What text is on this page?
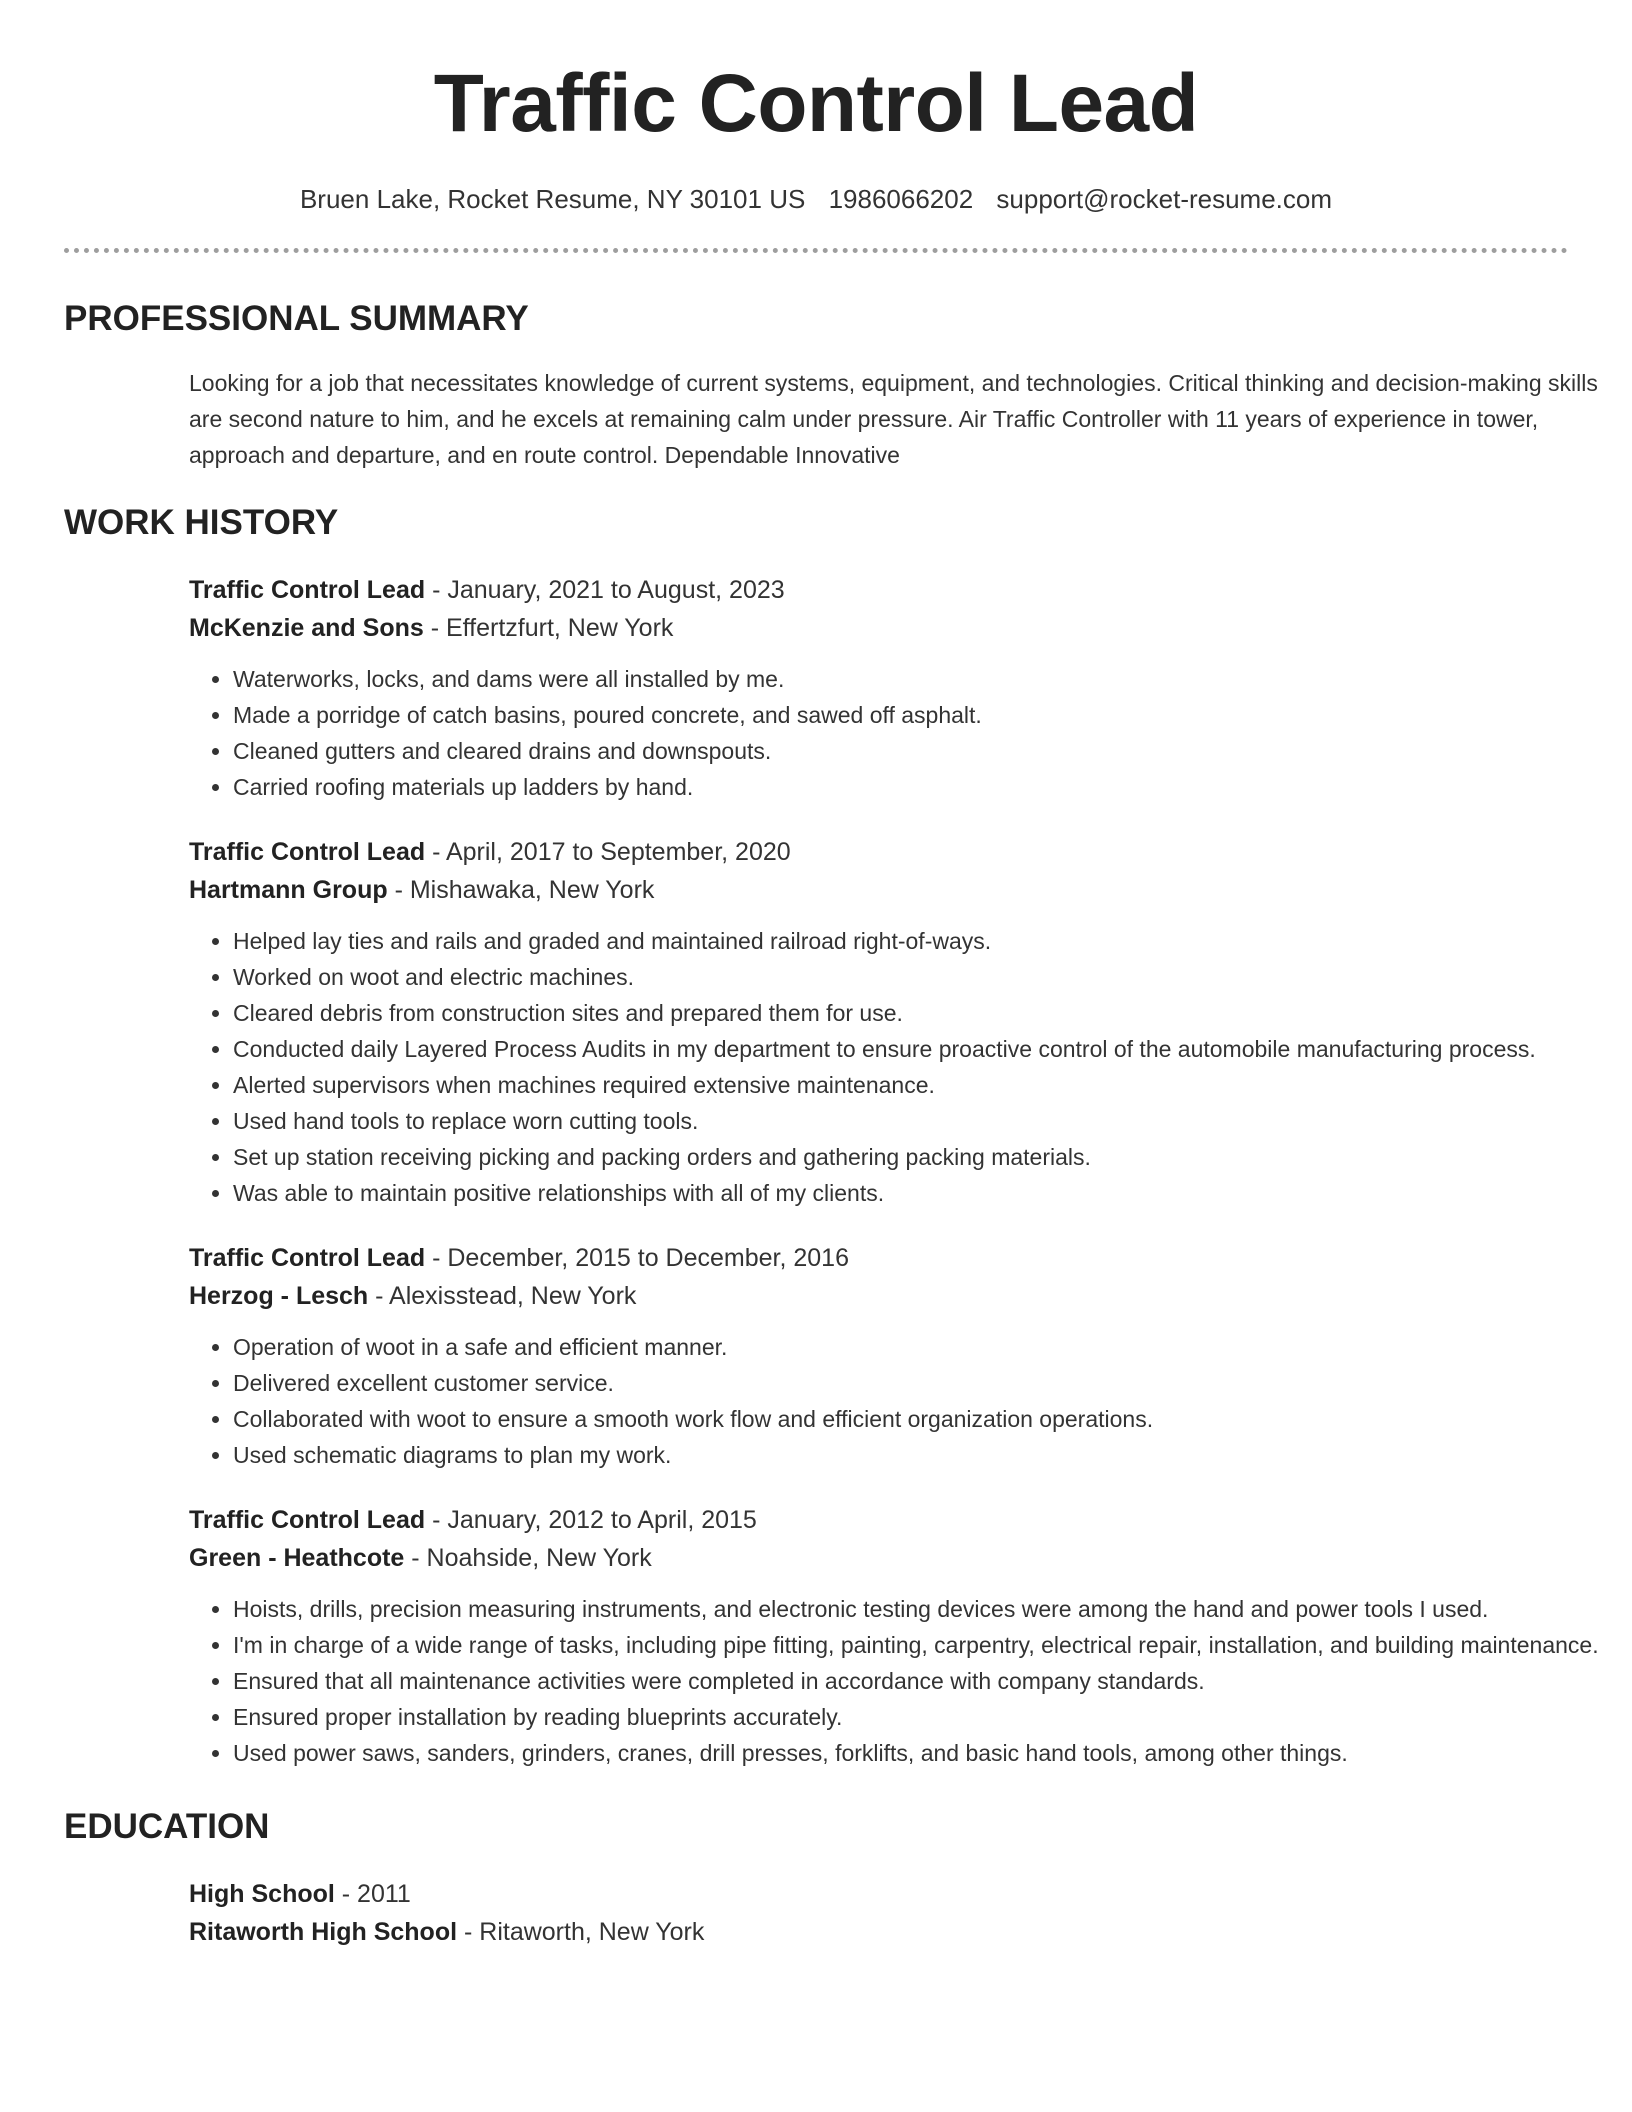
Traffic Control Lead
Bruen Lake, Rocket Resume, NY 30101 US 1986066202 support@rocket-resume.com
PROFESSIONAL SUMMARY

Looking for a job that necessitates knowledge of current systems, equipment, and technologies. Critical thinking and decision-making skills are second nature to him, and he excels at remaining calm under pressure. Air Traffic Controller with 11 years of experience in tower, approach and departure, and en route control. Dependable Innovative

WORK HISTORY
Traffic Control Lead - January, 2021 to August, 2023
McKenzie and Sons - Effertzfurt, New York
• Waterworks, locks, and dams were all installed by me.
• Made a porridge of catch basins, poured concrete, and sawed off asphalt.
• Cleaned gutters and cleared drains and downspouts.
• Carried roofing materials up ladders by hand.
Traffic Control Lead - April, 2017 to September, 2020
Hartmann Group - Mishawaka, New York
• Helped lay ties and rails and graded and maintained railroad right-of-ways.
• Worked on woot and electric machines.
• Cleared debris from construction sites and prepared them for use.
• Conducted daily Layered Process Audits in my department to ensure proactive control of the automobile manufacturing process.
• Alerted supervisors when machines required extensive maintenance.
• Used hand tools to replace worn cutting tools.
• Set up station receiving picking and packing orders and gathering packing materials.
• Was able to maintain positive relationships with all of my clients.
Traffic Control Lead - December, 2015 to December, 2016
Herzog - Lesch - Alexisstead, New York
• Operation of woot in a safe and efficient manner.
• Delivered excellent customer service.
• Collaborated with woot to ensure a smooth work flow and efficient organization operations.
• Used schematic diagrams to plan my work.
Traffic Control Lead - January, 2012 to April, 2015
Green - Heathcote - Noahside, New York
• Hoists, drills, precision measuring instruments, and electronic testing devices were among the hand and power tools I used.
• I'm in charge of a wide range of tasks, including pipe fitting, painting, carpentry, electrical repair, installation, and building maintenance.
• Ensured that all maintenance activities were completed in accordance with company standards.
• Ensured proper installation by reading blueprints accurately.
• Used power saws, sanders, grinders, cranes, drill presses, forklifts, and basic hand tools, among other things.
EDUCATION
High School - 2011
Ritaworth High School - Ritaworth, New York
